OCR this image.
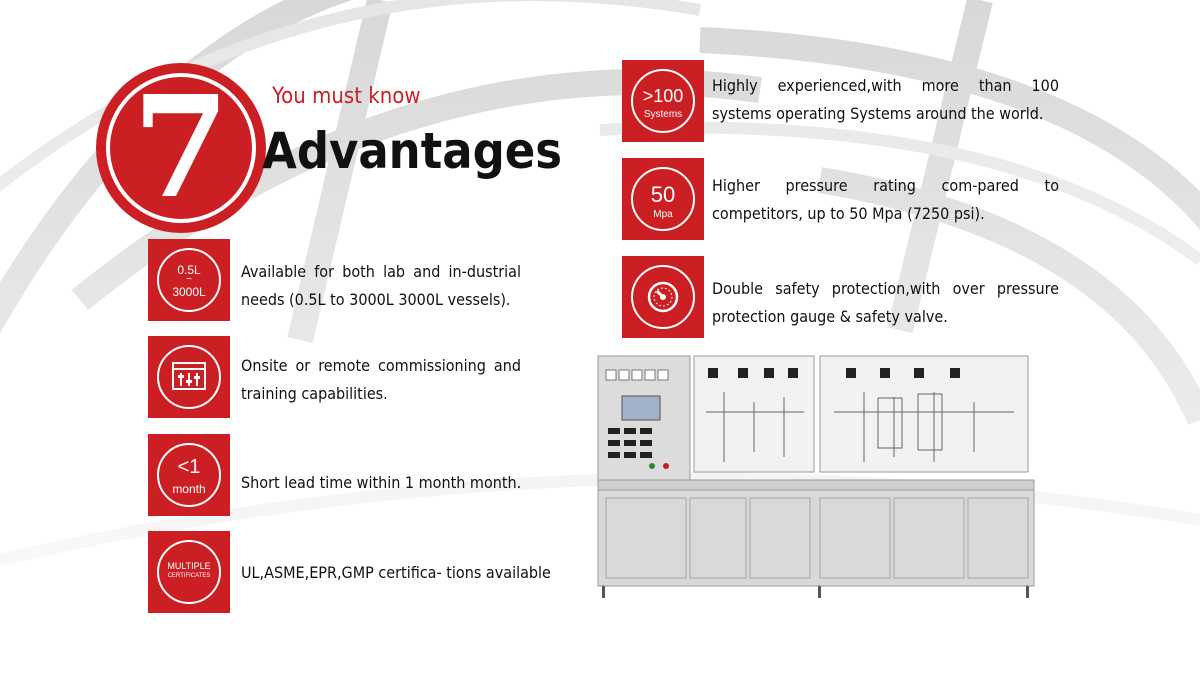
7	You must know
Advantages
0.5L
~
3000L
Available for both lab and in-dustrial needs (0.5L to 3000L 3000L vessels).
Onsite or remote commissioning and training capabilities.
<1
month	Short lead time within 1 month month.
MULTIPLE
CERTIFICATES	UL,ASME,EPR,GMP certifica- tions available
>100
Systems
Highly experienced,with more than 100 systems operating Systems around the world.
50
Mpa
Higher pressure rating com-pared to competitors, up to 50 Mpa (7250 psi).
Double safety protection,with over pressure protection gauge & safety valve.
